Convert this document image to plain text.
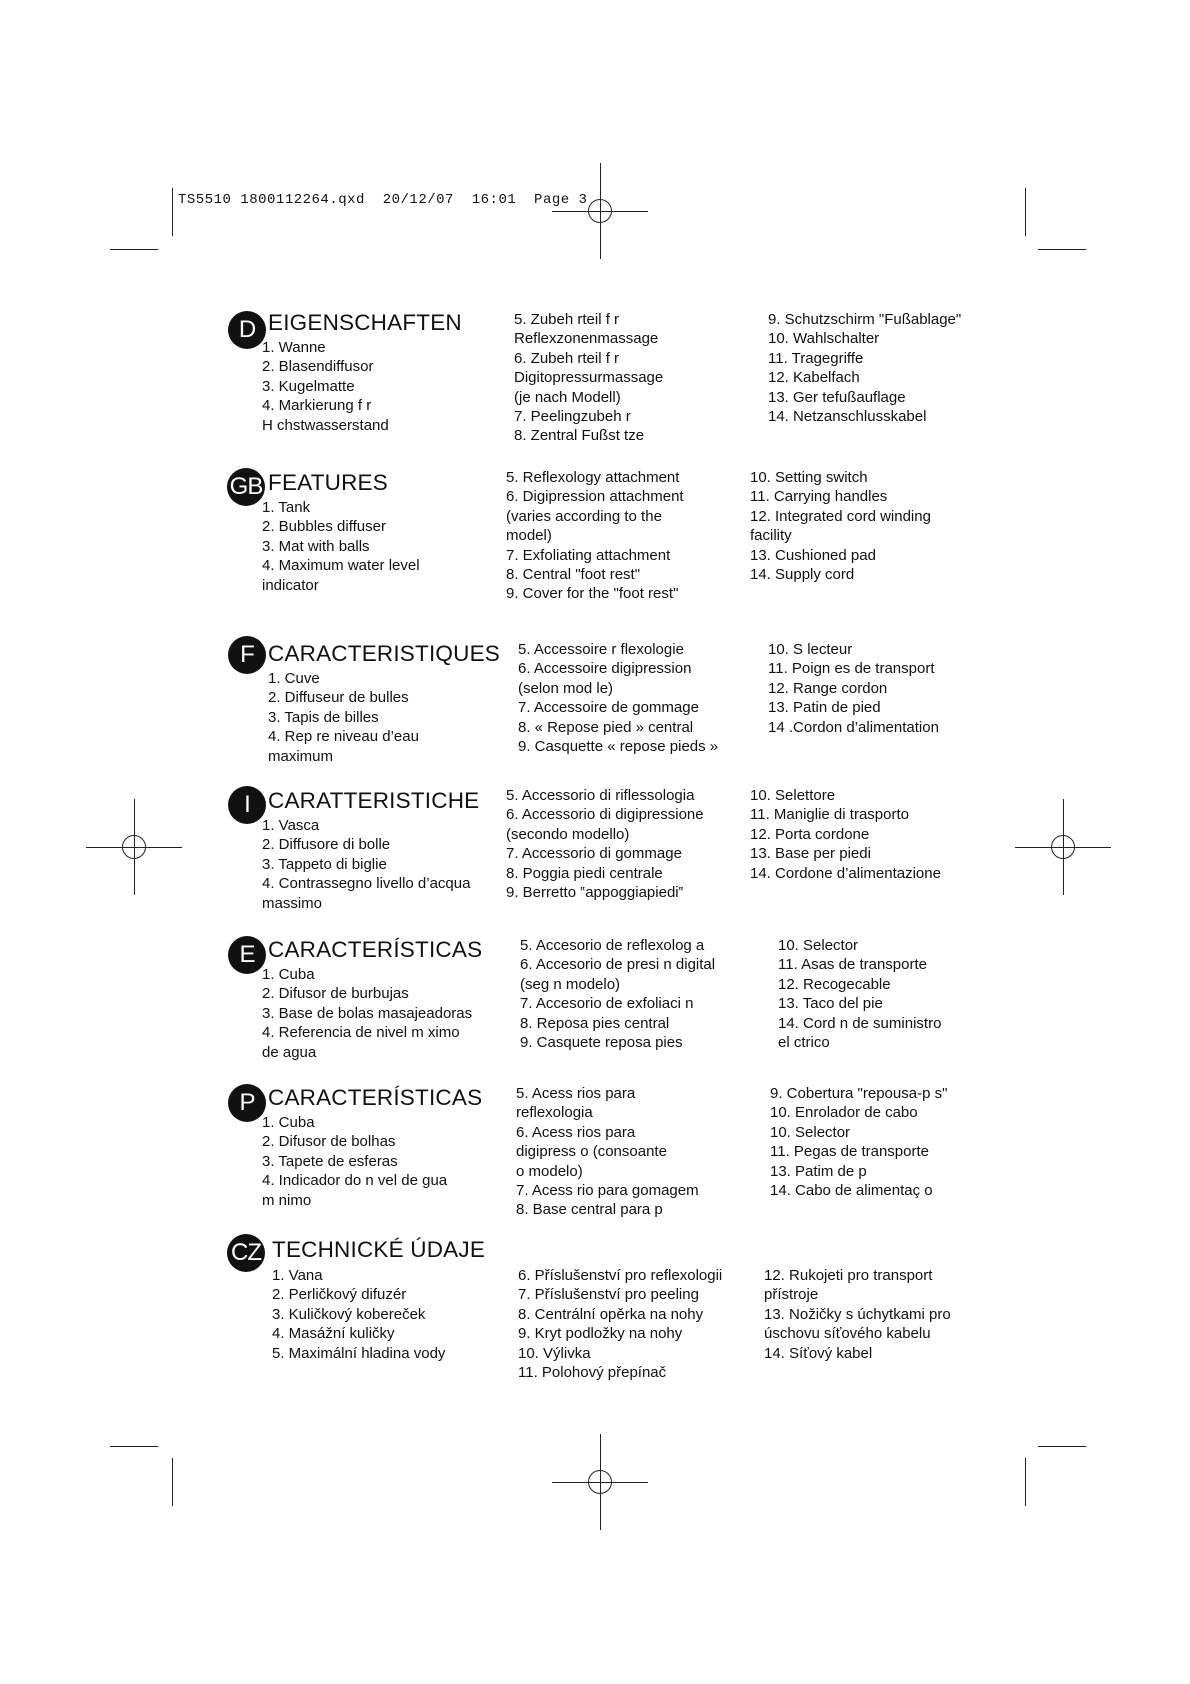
TS5510 1800112264.qxd  20/12/07  16:01  Page 3
D EIGENSCHAFTEN
1. Wanne
2. Blasendiffusor
3. Kugelmatte
4. Markierung f r
H chstwasserstand
5. Zubeh rteil f r
Reflexzonenmassage
6. Zubeh rteil f r
Digitopressurmassage
(je nach Modell)
7. Peelingzubeh r
8. Zentral Fußst tze
9. Schutzschirm "Fußablage"
10. Wahlschalter
11. Tragegriffe
12. Kabelfach
13. Ger tefußauflage
14. Netzanschlusskabel
GB FEATURES
1. Tank
2. Bubbles diffuser
3. Mat with balls
4. Maximum water level
indicator
5. Reflexology attachment
6. Digipression attachment
(varies according to the
model)
7. Exfoliating attachment
8. Central "foot rest"
9. Cover for the "foot rest"
10. Setting switch
11. Carrying handles
12. Integrated cord winding
facility
13. Cushioned pad
14. Supply cord
F CARACTERISTIQUES
1. Cuve
2. Diffuseur de bulles
3. Tapis de billes
4. Rep re niveau d’eau
maximum
5. Accessoire r flexologie
6. Accessoire digipression
(selon mod le)
7. Accessoire de gommage
8. « Repose pied » central
9. Casquette « repose pieds »
10. S lecteur
11. Poign es de transport
12. Range cordon
13. Patin de pied
14 .Cordon d’alimentation
I CARATTERISTICHE
1. Vasca
2. Diffusore di bolle
3. Tappeto di biglie
4. Contrassegno livello d’acqua
massimo
5. Accessorio di riflessologia
6. Accessorio di digipressione
(secondo modello)
7. Accessorio di gommage
8. Poggia piedi centrale
9. Berretto ‟appoggiapiedi‟
10. Selettore
11. Maniglie di trasporto
12. Porta cordone
13. Base per piedi
14. Cordone d’alimentazione
E CARACTERÍSTICAS
1. Cuba
2. Difusor de burbujas
3. Base de bolas masajeadoras
4. Referencia de nivel m ximo
de agua
5. Accesorio de reflexolog a
6. Accesorio de presi n digital
(seg n modelo)
7. Accesorio de exfoliaci n
8. Reposa pies central
9. Casquete reposa pies
10. Selector
11. Asas de transporte
12. Recogecable
13. Taco del pie
14. Cord n de suministro
el ctrico
P CARACTERÍSTICAS
1. Cuba
2. Difusor de bolhas
3. Tapete de esferas
4. Indicador do n vel de gua
m nimo
5. Acess rios para
reflexologia
6. Acess rios para
digipress o (consoante
o modelo)
7. Acess rio para gomagem
8. Base central para p
9. Cobertura "repousa-p s"
10. Enrolador de cabo
10. Selector
11. Pegas de transporte
13. Patim de p
14. Cabo de alimentaç o
CZ TECHNICKÉ ÚDAJE
1. Vana
2. Perličkový difuzér
3. Kuličkový kobereček
4. Masážní kuličky
5. Maximální hladina vody
6. Příslušenství pro reflexologii
7. Příslušenství pro peeling
8. Centrální opěrka na nohy
9. Kryt podložky na nohy
10. Výlivka
11. Polohový přepínač
12. Rukojeti pro transport
přístroje
13. Nožičky s úchytkami pro
úschovu síťového kabelu
14. Síťový kabel
